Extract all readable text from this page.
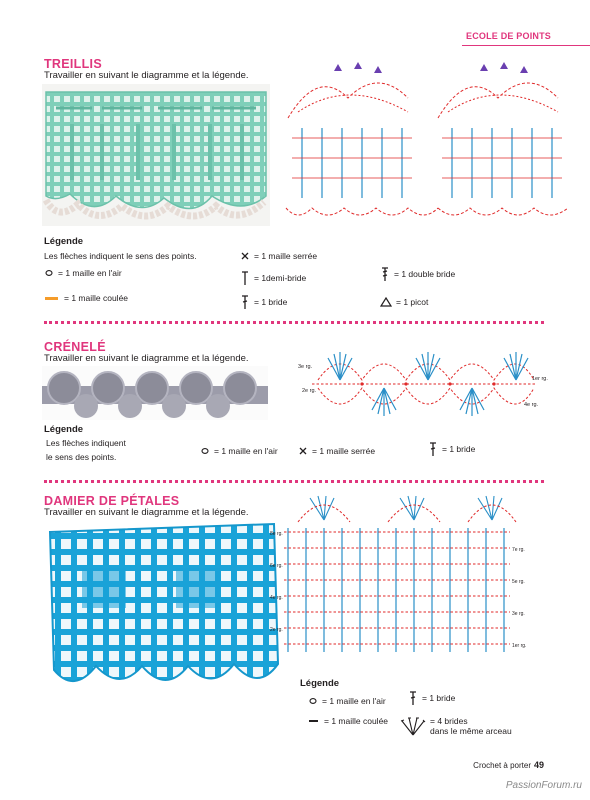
ECOLE DE POINTS
TREILLIS
Travailler en suivant le diagramme et la légende.
Légende
Les flèches indiquent le sens des points.
= 1 maille en l'air
= 1 maille coulée
= 1 maille serrée
= 1demi-bride
= 1 bride
= 1 double bride
= 1 picot
CRÉNELÉ
Travailler en suivant le diagramme et la légende.
3e rg.
1er rg.
2e rg.
4e rg.
Légende
Les flèches indiquent
le sens des points.
= 1 maille en l'air	= 1 maille serrée	= 1 bride
DAMIER DE PÉTALES
Travailler en suivant le diagramme et la légende.
8e rg.
7e rg.
6e rg.
5e rg.
4e rg.
3e rg.
2e rg.
1er rg.
Légende
= 1 maille en l'air
= 1 maille coulée
= 1 bride
= 4 brides
dans le même arceau
Crochet à porter 49
PassionForum.ru
